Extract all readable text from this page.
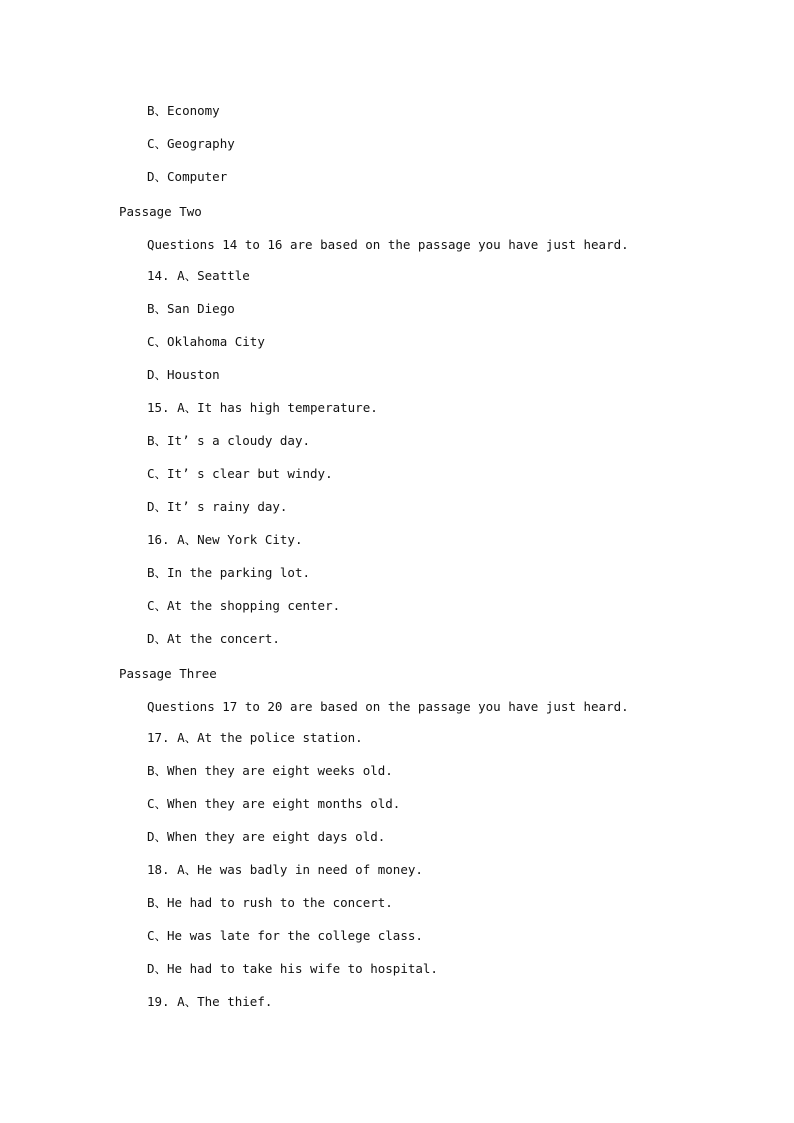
B、Economy
C、Geography
D、Computer
Passage Two
Questions 14 to 16 are based on the passage you have just heard.
14. A、Seattle
B、San Diego
C、Oklahoma City
D、Houston
15. A、It has high temperature.
B、It’ s a cloudy day.
C、It’ s clear but windy.
D、It’ s rainy day.
16. A、New York City.
B、In the parking lot.
C、At the shopping center.
D、At the concert.
Passage Three
Questions 17 to 20 are based on the passage you have just heard.
17. A、At the police station.
B、When they are eight weeks old.
C、When they are eight months old.
D、When they are eight days old.
18. A、He was badly in need of money.
B、He had to rush to the concert.
C、He was late for the college class.
D、He had to take his wife to hospital.
19. A、The thief.
